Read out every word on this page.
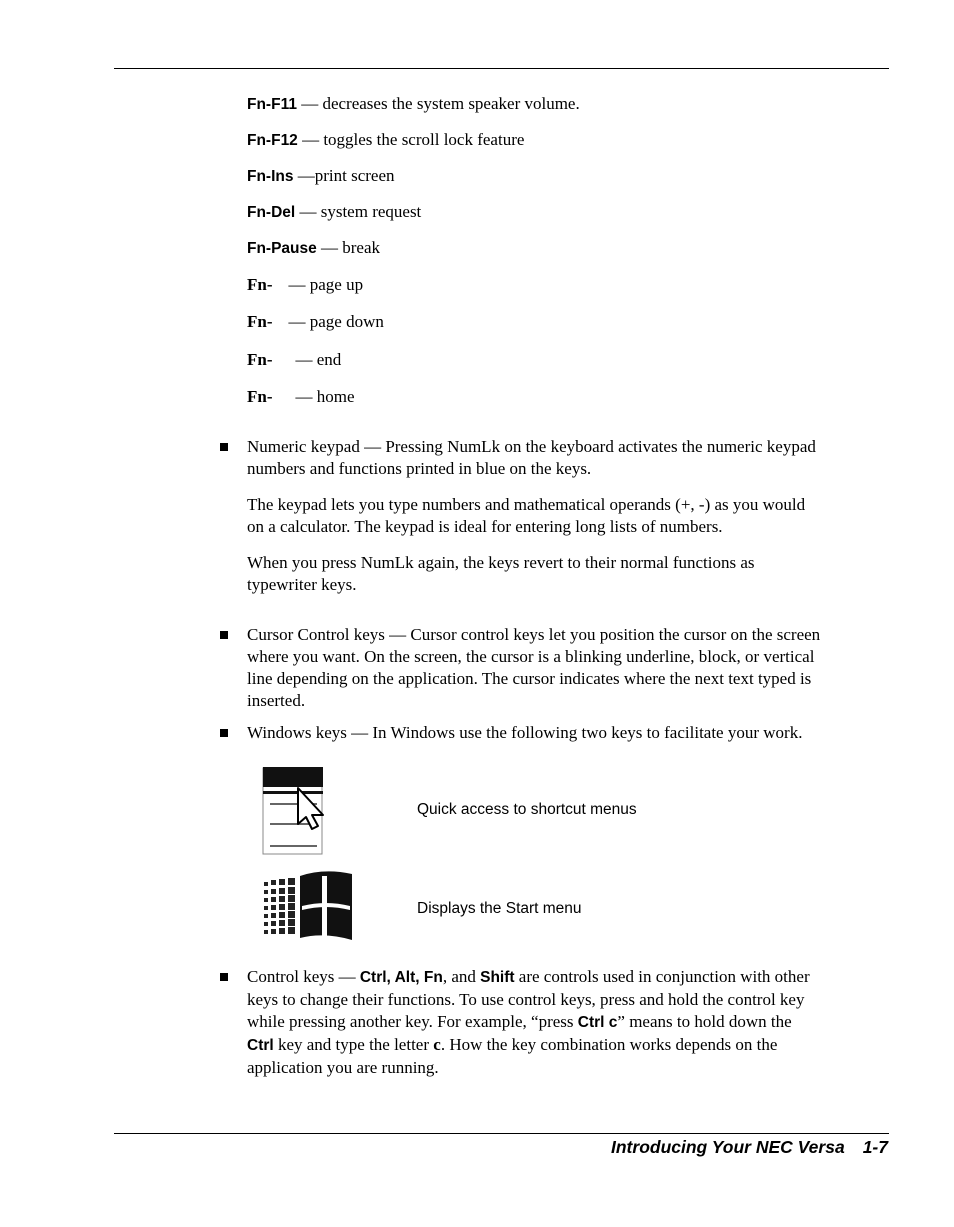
Fn-F11 — decreases the system speaker volume.
Fn-F12 — toggles the scroll lock feature
Fn-Ins —print screen
Fn-Del — system request
Fn-Pause — break
Fn- — page up
Fn- — page down
Fn- — end
Fn- — home
Numeric keypad — Pressing NumLk on the keyboard activates the numeric keypad
numbers and functions printed in blue on the keys.
The keypad lets you type numbers and mathematical operands (+, -) as you would
on a calculator. The keypad is ideal for entering long lists of numbers.
When you press NumLk again, the keys revert to their normal functions as
typewriter keys.
Cursor Control keys — Cursor control keys let you position the cursor on the screen
where you want. On the screen, the cursor is a blinking underline, block, or vertical
line depending on the application. The cursor indicates where the next text typed is
inserted.
Windows keys — In Windows use the following two keys to facilitate your work.
Quick access to shortcut menus
Displays the Start menu
Control keys — Ctrl, Alt, Fn, and Shift are controls used in conjunction with other
keys to change their functions. To use control keys, press and hold the control key
while pressing another key. For example, “press Ctrl c” means to hold down the
Ctrl key and type the letter c. How the key combination works depends on the
application you are running.
Introducing Your NEC Versa 1-7
